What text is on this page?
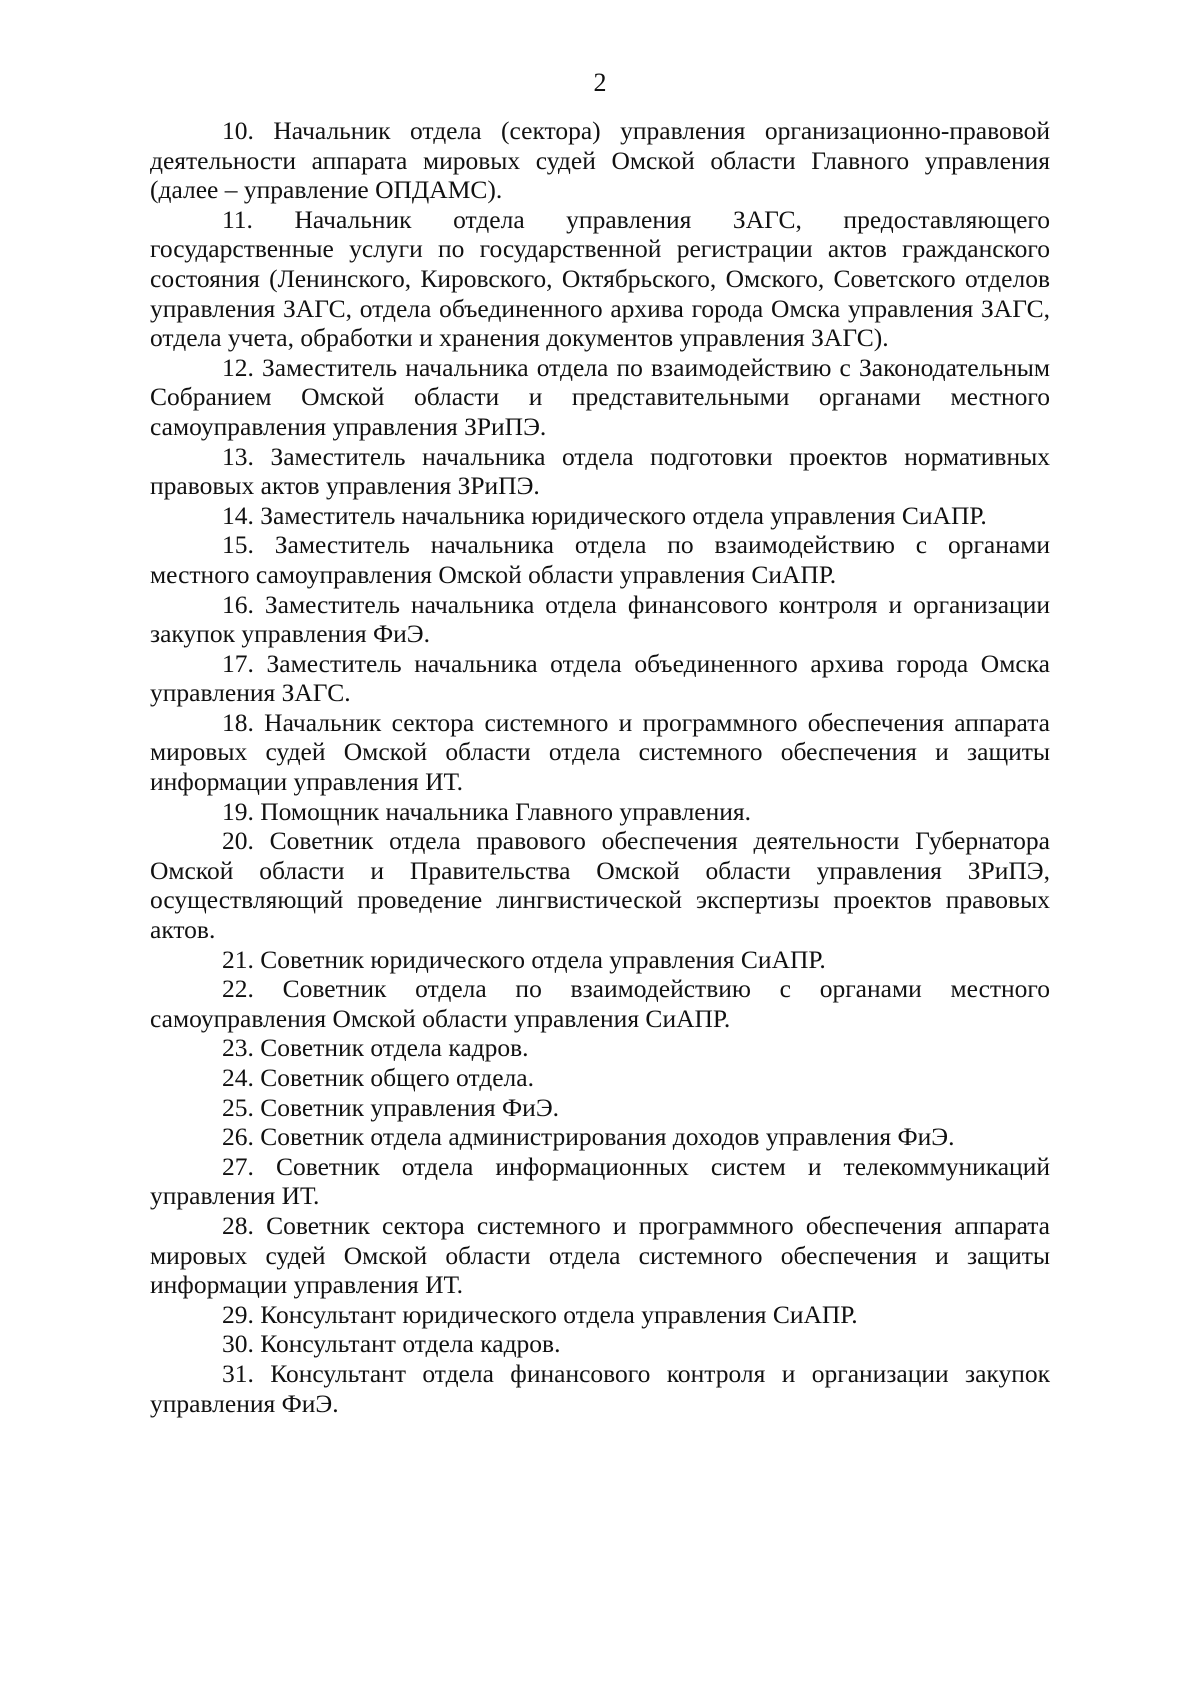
2

10. Начальник отдела (сектора) управления организационно-правовой деятельности аппарата мировых судей Омской области Главного управления (далее – управление ОПДАМС).

11. Начальник отдела управления ЗАГС, предоставляющего государственные услуги по государственной регистрации актов гражданского состояния (Ленинского, Кировского, Октябрьского, Омского, Советского отделов управления ЗАГС, отдела объединенного архива города Омска управления ЗАГС, отдела учета, обработки и хранения документов управления ЗАГС).

12. Заместитель начальника отдела по взаимодействию с Законодательным Собранием Омской области и представительными органами местного самоуправления управления ЗРиПЭ.

13. Заместитель начальника отдела подготовки проектов нормативных правовых актов управления ЗРиПЭ.

14. Заместитель начальника юридического отдела управления СиАПР.

15. Заместитель начальника отдела по взаимодействию с органами местного самоуправления Омской области управления СиАПР.

16. Заместитель начальника отдела финансового контроля и организации закупок управления ФиЭ.

17. Заместитель начальника отдела объединенного архива города Омска управления ЗАГС.

18. Начальник сектора системного и программного обеспечения аппарата мировых судей Омской области отдела системного обеспечения и защиты информации управления ИТ.

19. Помощник начальника Главного управления.

20. Советник отдела правового обеспечения деятельности Губернатора Омской области и Правительства Омской области управления ЗРиПЭ, осуществляющий проведение лингвистической экспертизы проектов правовых актов.

21. Советник юридического отдела управления СиАПР.

22. Советник отдела по взаимодействию с органами местного самоуправления Омской области управления СиАПР.

23. Советник отдела кадров.

24. Советник общего отдела.

25. Советник управления ФиЭ.

26. Советник отдела администрирования доходов управления ФиЭ.

27. Советник отдела информационных систем и телекоммуникаций управления ИТ.

28. Советник сектора системного и программного обеспечения аппарата мировых судей Омской области отдела системного обеспечения и защиты информации управления ИТ.

29. Консультант юридического отдела управления СиАПР.

30. Консультант отдела кадров.

31. Консультант отдела финансового контроля и организации закупок управления ФиЭ.
